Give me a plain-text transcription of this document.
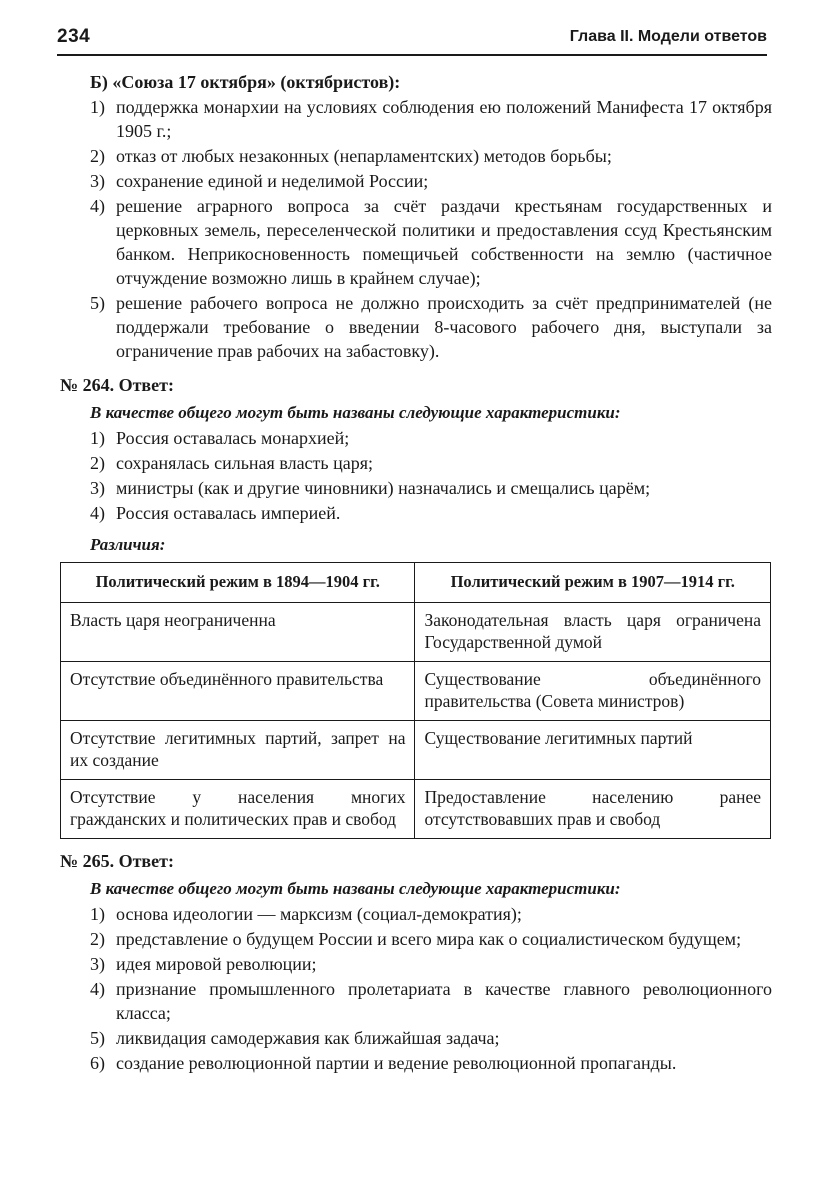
234	Глава II. Модели ответов
Б) «Союза 17 октября» (октябристов):
1) поддержка монархии на условиях соблюдения ею положений Манифеста 17 октября 1905 г.;
2) отказ от любых незаконных (непарламентских) методов борьбы;
3) сохранение единой и неделимой России;
4) решение аграрного вопроса за счёт раздачи крестьянам государственных и церковных земель, переселенческой политики и предоставления ссуд Крестьянским банком. Неприкосновенность помещичьей собственности на землю (частичное отчуждение возможно лишь в крайнем случае);
5) решение рабочего вопроса не должно происходить за счёт предпринимателей (не поддержали требование о введении 8-часового рабочего дня, выступали за ограничение прав рабочих на забастовку).
№ 264. Ответ:
В качестве общего могут быть названы следующие характеристики:
1) Россия оставалась монархией;
2) сохранялась сильная власть царя;
3) министры (как и другие чиновники) назначались и смещались царём;
4) Россия оставалась империей.
Различия:
Политический режим в 1894—1904 гг.	Политический режим в 1907—1914 гг.
Власть царя неограниченна	Законодательная власть царя ограничена Государственной думой
Отсутствие объединённого правительства	Существование объединённого правительства (Совета министров)
Отсутствие легитимных партий, запрет на их создание	Существование легитимных партий
Отсутствие у населения многих гражданских и политических прав и свобод	Предоставление населению ранее отсутствовавших прав и свобод
№ 265. Ответ:
В качестве общего могут быть названы следующие характеристики:
1) основа идеологии — марксизм (социал-демократия);
2) представление о будущем России и всего мира как о социалистическом будущем;
3) идея мировой революции;
4) признание промышленного пролетариата в качестве главного революционного класса;
5) ликвидация самодержавия как ближайшая задача;
6) создание революционной партии и ведение революционной пропаганды.
